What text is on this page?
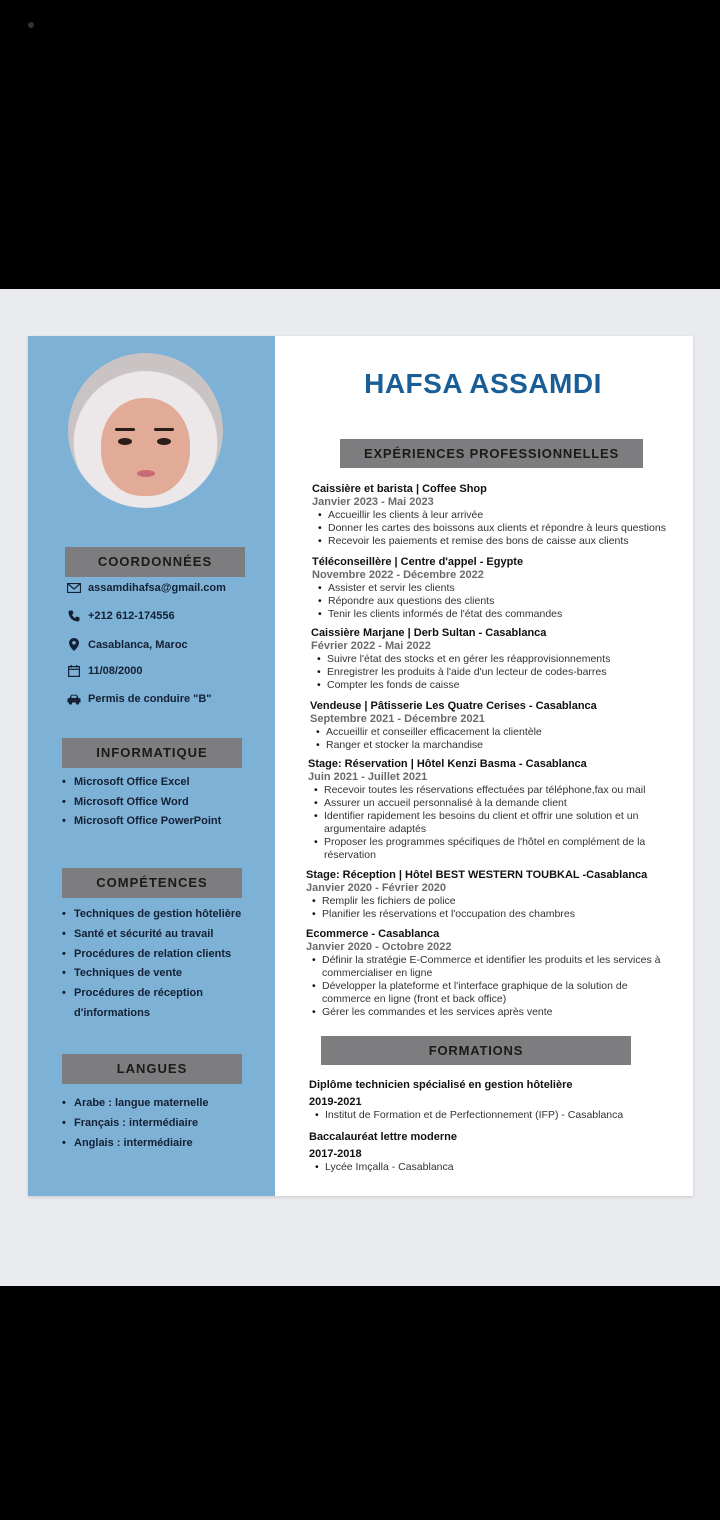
COORDONNÉES
assamdihafsa@gmail.com
+212 612-174556
Casablanca, Maroc
11/08/2000
Permis de conduire "B"
INFORMATIQUE
• Microsoft Office Excel
• Microsoft Office Word
• Microsoft Office PowerPoint
COMPÉTENCES
• Techniques de gestion hôtelière
• Santé et sécurité au travail
• Procédures de relation clients
• Techniques de vente
• Procédures de réception
d'informations
LANGUES
• Arabe : langue maternelle
• Français : intermédiaire
• Anglais : intermédiaire
HAFSA ASSAMDI
EXPÉRIENCES PROFESSIONNELLES
Caissière et barista | Coffee Shop
Janvier 2023 - Mai 2023
• Accueillir les clients à leur arrivée
• Donner les cartes des boissons aux clients et répondre à leurs questions
• Recevoir les paiements et remise des bons de caisse aux clients
Téléconseillère | Centre d'appel - Egypte
Novembre 2022 - Décembre 2022
• Assister et servir les clients
• Répondre aux questions des clients
• Tenir les clients informés de l'état des commandes
Caissière Marjane | Derb Sultan - Casablanca
Février 2022 - Mai 2022
• Suivre l'état des stocks et en gérer les réapprovisionnements
• Enregistrer les produits à l'aide d'un lecteur de codes-barres
• Compter les fonds de caisse
Vendeuse | Pâtisserie Les Quatre Cerises - Casablanca
Septembre 2021 - Décembre 2021
• Accueillir et conseiller efficacement la clientèle
• Ranger et stocker la marchandise
Stage: Réservation | Hôtel Kenzi Basma - Casablanca
Juin 2021 - Juillet 2021
• Recevoir toutes les réservations effectuées par téléphone,fax ou mail
• Assurer un accueil personnalisé à la demande client
• Identifier rapidement les besoins du client et offrir une solution et un argumentaire adaptés
• Proposer les programmes spécifiques de l'hôtel en complément de la réservation
Stage: Réception | Hôtel BEST WESTERN TOUBKAL -Casablanca
Janvier 2020 - Février 2020
• Remplir les fichiers de police
• Planifier les réservations et l'occupation des chambres
Ecommerce - Casablanca
Janvier 2020 - Octobre 2022
• Définir la stratégie E-Commerce et identifier les produits et les services à commercialiser en ligne
• Développer la plateforme et l'interface graphique de la solution de commerce en ligne (front et back office)
• Gérer les commandes et les services après vente
FORMATIONS
Diplôme technicien spécialisé en gestion hôtelière
2019-2021
• Institut de Formation et de Perfectionnement (IFP) - Casablanca
Baccalauréat lettre moderne
2017-2018
• Lycée Imçalla - Casablanca
